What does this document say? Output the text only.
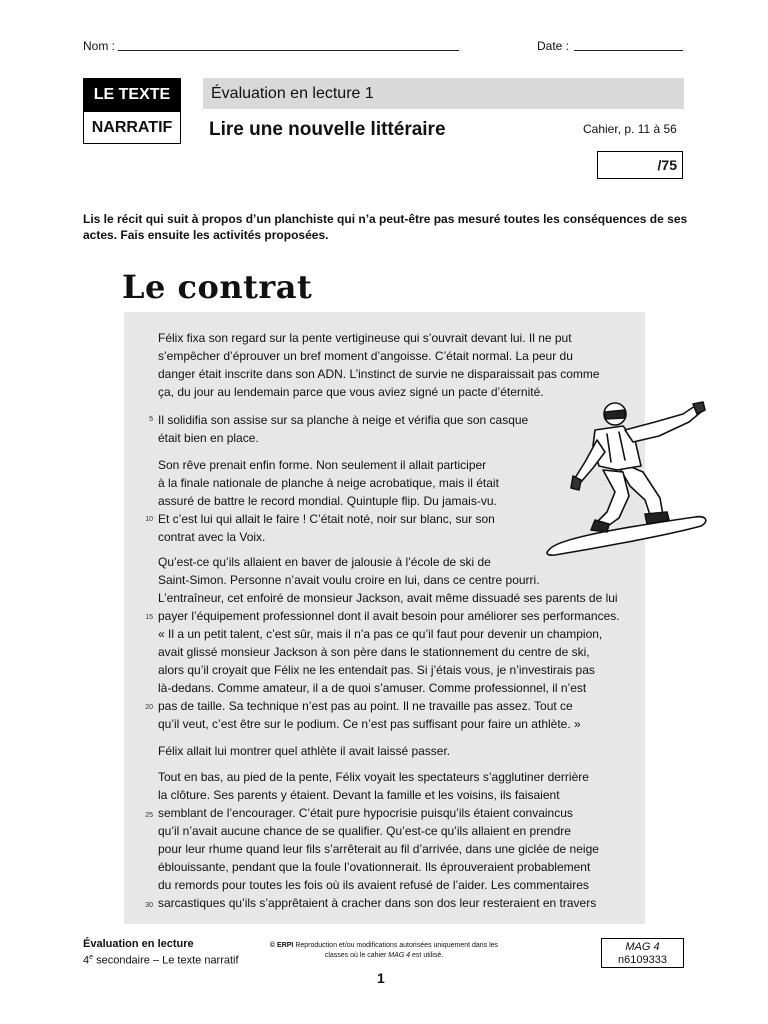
Nom :	Date :
LE TEXTE
NARRATIF
Évaluation en lecture 1
Lire une nouvelle littéraire	Cahier, p. 11 à 56
/75
Lis le récit qui suit à propos d’un planchiste qui n’a peut-être pas mesuré toutes les conséquences de ses actes. Fais ensuite les activités proposées.
Le contrat
Félix fixa son regard sur la pente vertigineuse qui s’ouvrait devant lui. Il ne put
s’empêcher d’éprouver un bref moment d’angoisse. C’était normal. La peur du
danger était inscrite dans son ADN. L’instinct de survie ne disparaissait pas comme
ça, du jour au lendemain parce que vous aviez signé un pacte d’éternité.
5 Il solidifia son assise sur sa planche à neige et vérifia que son casque
était bien en place.
10
Son rêve prenait enfin forme. Non seulement il allait participer
à la finale nationale de planche à neige acrobatique, mais il était
assuré de battre le record mondial. Quintuple flip. Du jamais-vu.
Et c’est lui qui allait le faire ! C’était noté, noir sur blanc, sur son
contrat avec la Voix.
15
20
Qu’est-ce qu’ils allaient en baver de jalousie à l’école de ski de
Saint-Simon. Personne n’avait voulu croire en lui, dans ce centre pourri.
L’entraîneur, cet enfoiré de monsieur Jackson, avait même dissuadé ses parents de lui
payer l’équipement professionnel dont il avait besoin pour améliorer ses performances.
« Il a un petit talent, c’est sûr, mais il n’a pas ce qu’il faut pour devenir un champion,
avait glissé monsieur Jackson à son père dans le stationnement du centre de ski,
alors qu’il croyait que Félix ne les entendait pas. Si j’étais vous, je n’investirais pas
là-dedans. Comme amateur, il a de quoi s’amuser. Comme professionnel, il n’est
pas de taille. Sa technique n’est pas au point. Il ne travaille pas assez. Tout ce
qu’il veut, c’est être sur le podium. Ce n’est pas suffisant pour faire un athlète. »
Félix allait lui montrer quel athlète il avait laissé passer.
25
30
Tout en bas, au pied de la pente, Félix voyait les spectateurs s’agglutiner derrière
la clôture. Ses parents y étaient. Devant la famille et les voisins, ils faisaient
semblant de l’encourager. C’était pure hypocrisie puisqu’ils étaient convaincus
qu’il n’avait aucune chance de se qualifier. Qu’est-ce qu’ils allaient en prendre
pour leur rhume quand leur fils s’arrêterait au fil d’arrivée, dans une giclée de neige
éblouissante, pendant que la foule l’ovationnerait. Ils éprouveraient probablement
du remords pour toutes les fois où ils avaient refusé de l’aider. Les commentaires
sarcastiques qu’ils s’apprêtaient à cracher dans son dos leur resteraient en travers
Évaluation en lecture
4e secondaire – Le texte narratif
© ERPI Reproduction et/ou modifications autorisées uniquement dans les classes où le cahier MAG 4 est utilisé.
MAG 4
n6109333
1
